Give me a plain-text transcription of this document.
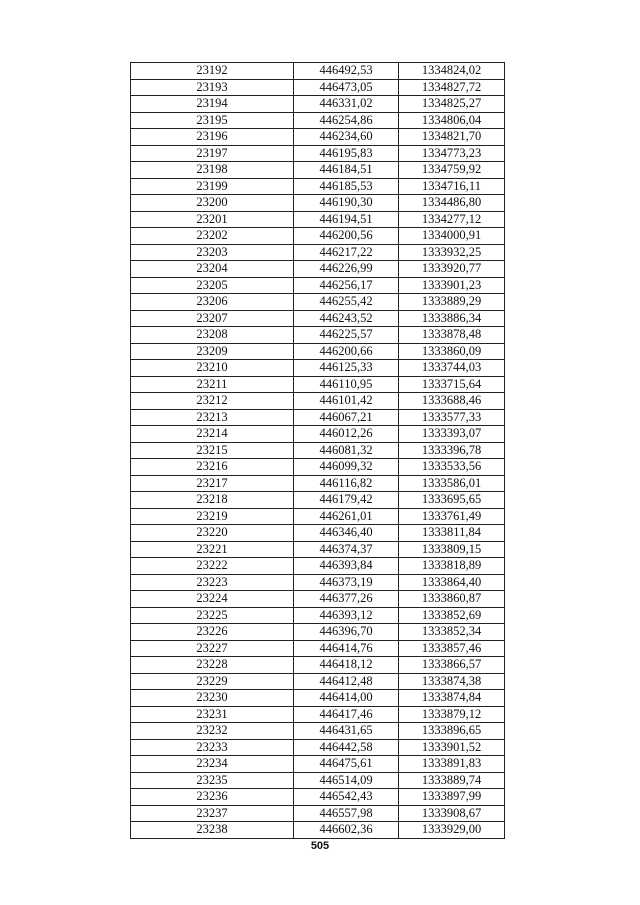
23192	446492,53	1334824,02
23193	446473,05	1334827,72
23194	446331,02	1334825,27
23195	446254,86	1334806,04
23196	446234,60	1334821,70
23197	446195,83	1334773,23
23198	446184,51	1334759,92
23199	446185,53	1334716,11
23200	446190,30	1334486,80
23201	446194,51	1334277,12
23202	446200,56	1334000,91
23203	446217,22	1333932,25
23204	446226,99	1333920,77
23205	446256,17	1333901,23
23206	446255,42	1333889,29
23207	446243,52	1333886,34
23208	446225,57	1333878,48
23209	446200,66	1333860,09
23210	446125,33	1333744,03
23211	446110,95	1333715,64
23212	446101,42	1333688,46
23213	446067,21	1333577,33
23214	446012,26	1333393,07
23215	446081,32	1333396,78
23216	446099,32	1333533,56
23217	446116,82	1333586,01
23218	446179,42	1333695,65
23219	446261,01	1333761,49
23220	446346,40	1333811,84
23221	446374,37	1333809,15
23222	446393,84	1333818,89
23223	446373,19	1333864,40
23224	446377,26	1333860,87
23225	446393,12	1333852,69
23226	446396,70	1333852,34
23227	446414,76	1333857,46
23228	446418,12	1333866,57
23229	446412,48	1333874,38
23230	446414,00	1333874,84
23231	446417,46	1333879,12
23232	446431,65	1333896,65
23233	446442,58	1333901,52
23234	446475,61	1333891,83
23235	446514,09	1333889,74
23236	446542,43	1333897,99
23237	446557,98	1333908,67
23238	446602,36	1333929,00
505
